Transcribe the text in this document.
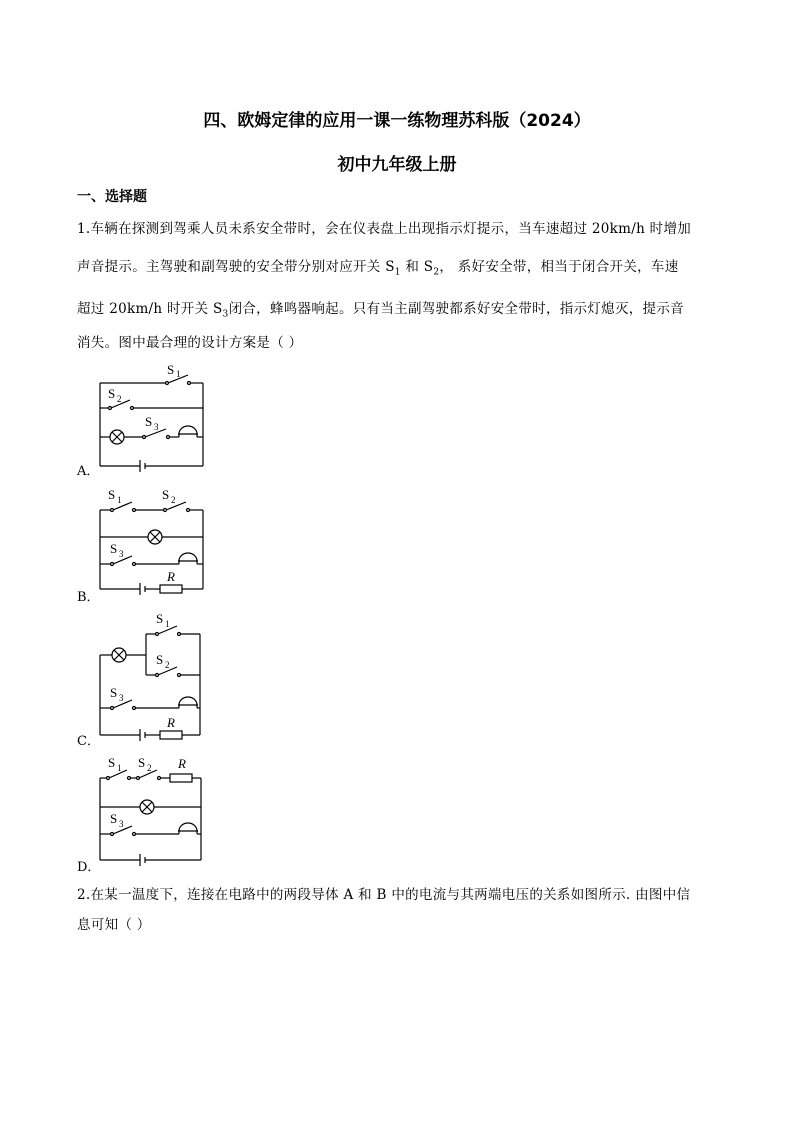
四、欧姆定律的应用一课一练物理苏科版（2024）
初中九年级上册
一、选择题
1.车辆在探测到驾乘人员未系安全带时，会在仪表盘上出现指示灯提示，当车速超过 20km/h 时增加
声音提示。主驾驶和副驾驶的安全带分别对应开关 $S_1$ 和 $S_2$， 系好安全带，相当于闭合开关，车速
超过 20km/h 时开关 $S_3$闭合，蜂鸣器响起。只有当主副驾驶都系好安全带时，指示灯熄灭，提示音
消失。图中最合理的设计方案是（ ）
A．
S 1
S 2
S 3
B．
S 1	S 2
S 3
R
C．
S 1
S 2
S 3
R
D．
S 1 S 2 R
S 3
2.在某一温度下，连接在电路中的两段导体 A 和 B 中的电流与其两端电压的关系如图所示. 由图中信
息可知（ ）
